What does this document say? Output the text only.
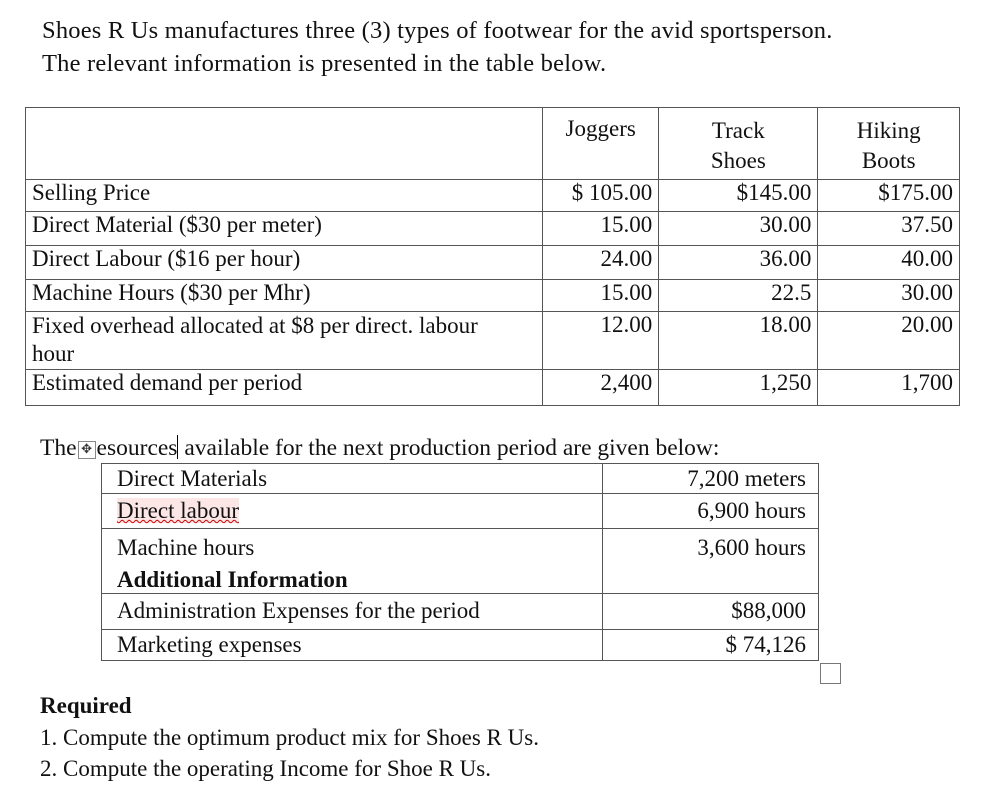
Shoes R Us manufactures three (3) types of footwear for the avid sportsperson.
The relevant information is presented in the table below.
	Joggers	Track Shoes	Hiking Boots
Selling Price	$ 105.00	$145.00	$175.00
Direct Material ($30 per meter)	15.00	30.00	37.50
Direct Labour ($16 per hour)	24.00	36.00	40.00
Machine Hours ($30 per Mhr)	15.00	22.5	30.00
Fixed overhead allocated at $8 per direct. labour hour	12.00	18.00	20.00
Estimated demand per period	2,400	1,250	1,700
The ✥ esources available for the next production period are given below:
Direct Materials	7,200 meters
Direct labour	6,900 hours
Machine hours	3,600 hours
Additional Information	
Administration Expenses for the period	$88,000
Marketing expenses	$ 74,126
Required
1. Compute the optimum product mix for Shoes R Us.
2. Compute the operating Income for Shoe R Us.
